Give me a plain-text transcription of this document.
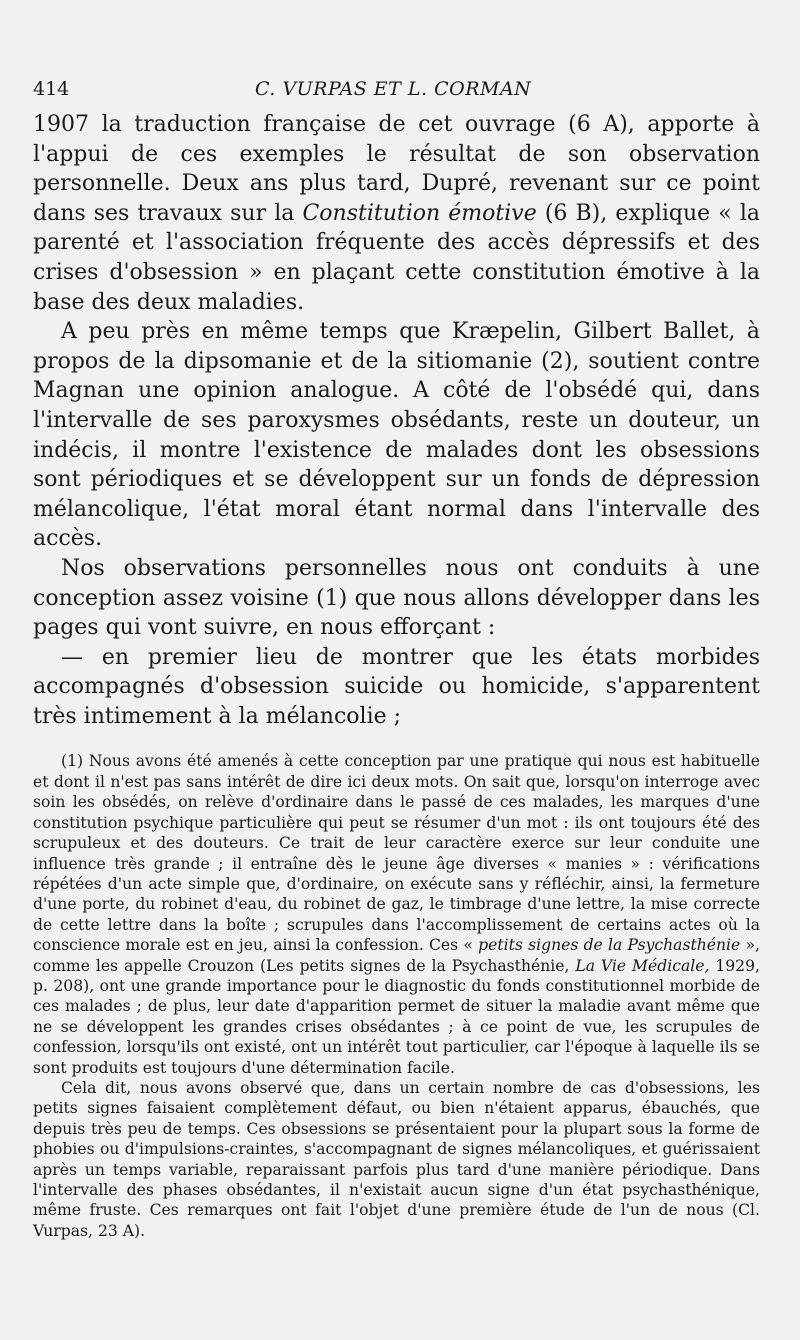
414	C. VURPAS ET L. CORMAN

1907 la traduction française de cet ouvrage (6 A), apporte à l'appui de ces exemples le résultat de son observation personnelle. Deux ans plus tard, Dupré, revenant sur ce point dans ses travaux sur la Constitution émotive (6 B), explique « la parenté et l'association fréquente des accès dépressifs et des crises d'obsession » en plaçant cette constitution émotive à la base des deux maladies.

A peu près en même temps que Kræpelin, Gilbert Ballet, à propos de la dipsomanie et de la sitiomanie (2), soutient contre Magnan une opinion analogue. A côté de l'obsédé qui, dans l'intervalle de ses paroxysmes obsédants, reste un douteur, un indécis, il montre l'existence de malades dont les obsessions sont périodiques et se développent sur un fonds de dépression mélancolique, l'état moral étant normal dans l'intervalle des accès.

Nos observations personnelles nous ont conduits à une conception assez voisine (1) que nous allons développer dans les pages qui vont suivre, en nous efforçant :

— en premier lieu de montrer que les états morbides accompagnés d'obsession suicide ou homicide, s'apparentent très intimement à la mélancolie ;

(1) Nous avons été amenés à cette conception par une pratique qui nous est habituelle et dont il n'est pas sans intérêt de dire ici deux mots. On sait que, lorsqu'on interroge avec soin les obsédés, on relève d'ordinaire dans le passé de ces malades, les marques d'une constitution psychique particulière qui peut se résumer d'un mot : ils ont toujours été des scrupuleux et des douteurs. Ce trait de leur caractère exerce sur leur conduite une influence très grande ; il entraîne dès le jeune âge diverses « manies » : vérifications répétées d'un acte simple que, d'ordinaire, on exécute sans y réfléchir, ainsi, la fermeture d'une porte, du robinet d'eau, du robinet de gaz, le timbrage d'une lettre, la mise correcte de cette lettre dans la boîte ; scrupules dans l'accomplissement de certains actes où la conscience morale est en jeu, ainsi la confession. Ces « petits signes de la Psychasthénie », comme les appelle Crouzon (Les petits signes de la Psychasthénie, La Vie Médicale, 1929, p. 208), ont une grande importance pour le diagnostic du fonds constitutionnel morbide de ces malades ; de plus, leur date d'apparition permet de situer la maladie avant même que ne se développent les grandes crises obsédantes ; à ce point de vue, les scrupules de confession, lorsqu'ils ont existé, ont un intérêt tout particulier, car l'époque à laquelle ils se sont produits est toujours d'une détermination facile.

Cela dit, nous avons observé que, dans un certain nombre de cas d'obsessions, les petits signes faisaient complètement défaut, ou bien n'étaient apparus, ébauchés, que depuis très peu de temps. Ces obsessions se présentaient pour la plupart sous la forme de phobies ou d'impulsions-craintes, s'accompagnant de signes mélancoliques, et guérissaient après un temps variable, reparaissant parfois plus tard d'une manière périodique. Dans l'intervalle des phases obsédantes, il n'existait aucun signe d'un état psychasthénique, même fruste. Ces remarques ont fait l'objet d'une première étude de l'un de nous (Cl. Vurpas, 23 A).
